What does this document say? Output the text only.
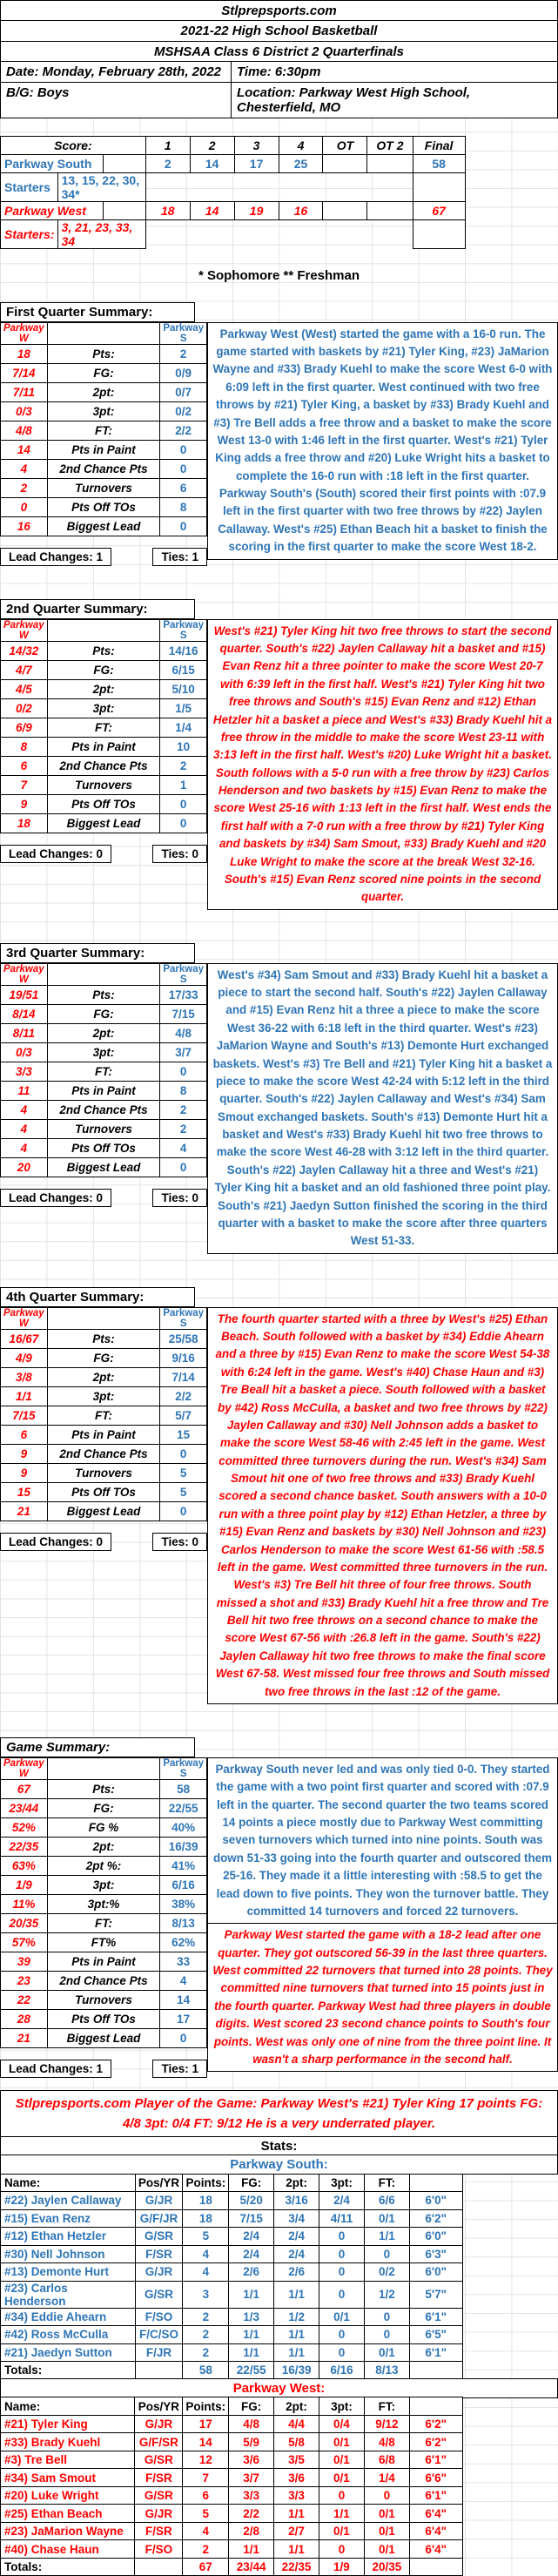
Stlprepsports.com
2021-22 High School Basketball
MSHSAA Class 6 District 2 Quarterfinals
Date: Monday, February 28th, 2022	Time: 6:30pm
B/G: Boys	Location: Parkway West High School, Chesterfield, MO
Score:			1	2	3	4	OT	OT 2	Final	
Parkway South			2	14	17	25			58	
Starters	13, 15, 22, 30, 34*									
Parkway West			18	14	19	16			67	
Starters:	3, 21, 23, 33, 34									
* Sophomore ** Freshman
First Quarter Summary:
Parkway W		Parkway S
18	Pts:	2
7/14	FG:	0/9
7/11	2pt:	0/7
0/3	3pt:	0/2
4/8	FT:	2/2
14	Pts in Paint	0
4	2nd Chance Pts	0
2	Turnovers	6
0	Pts Off TOs	8
16	Biggest Lead	0
Lead Changes: 1	Ties: 1
Parkway West (West) started the game with a 16-0 run. The game started with baskets by #21) Tyler King, #23) JaMarion Wayne and #33) Brady Kuehl to make the score West 6-0 with 6:09 left in the first quarter. West continued with two free throws by #21) Tyler King, a basket by #33) Brady Kuehl and #3) Tre Bell adds a free throw and a basket to make the score West 13-0 with 1:46 left in the first quarter. West's #21) Tyler King adds a free throw and #20) Luke Wright hits a basket to complete the 16-0 run with :18 left in the first quarter. Parkway South's (South) scored their first points with :07.9 left in the first quarter with two free throws by #22) Jaylen Callaway. West's #25) Ethan Beach hit a basket to finish the scoring in the first quarter to make the score West 18-2.
2nd Quarter Summary:
Parkway W		Parkway S
14/32	Pts:	14/16
4/7	FG:	6/15
4/5	2pt:	5/10
0/2	3pt:	1/5
6/9	FT:	1/4
8	Pts in Paint	10
6	2nd Chance Pts	2
7	Turnovers	1
9	Pts Off TOs	0
18	Biggest Lead	0
Lead Changes: 0	Ties: 0
West's #21) Tyler King hit two free throws to start the second quarter. South's #22) Jaylen Callaway hit a basket and #15) Evan Renz hit a three pointer to make the score West 20-7 with 6:39 left in the first half. West's #21) Tyler King hit two free throws and South's #15) Evan Renz and #12) Ethan Hetzler hit a basket a piece and West's #33) Brady Kuehl hit a free throw in the middle to make the score West 23-11 with 3:13 left in the first half. West's #20) Luke Wright hit a basket. South follows with a 5-0 run with a free throw by #23) Carlos Henderson and two baskets by #15) Evan Renz to make the score West 25-16 with 1:13 left in the first half. West ends the first half with a 7-0 run with a free throw by #21) Tyler King and baskets by #34) Sam Smout, #33) Brady Kuehl and #20 Luke Wright to make the score at the break West 32-16. South's #15) Evan Renz scored nine points in the second quarter.
3rd Quarter Summary:
Parkway W		Parkway S
19/51	Pts:	17/33
8/14	FG:	7/15
8/11	2pt:	4/8
0/3	3pt:	3/7
3/3	FT:	0
11	Pts in Paint	8
4	2nd Chance Pts	2
4	Turnovers	2
4	Pts Off TOs	4
20	Biggest Lead	0
Lead Changes: 0	Ties: 0
West's #34) Sam Smout and #33) Brady Kuehl hit a basket a piece to start the second half. South's #22) Jaylen Callaway and #15) Evan Renz hit a three a piece to make the score West 36-22 with 6:18 left in the third quarter. West's #23) JaMarion Wayne and South's #13) Demonte Hurt exchanged baskets. West's #3) Tre Bell and #21) Tyler King hit a basket a piece to make the score West 42-24 with 5:12 left in the third quarter. South's #22) Jaylen Callaway and West's #34) Sam Smout exchanged baskets. South's #13) Demonte Hurt hit a basket and West's #33) Brady Kuehl hit two free throws to make the score West 46-28 with 3:12 left in the third quarter. South's #22) Jaylen Callaway hit a three and West's #21) Tyler King hit a basket and an old fashioned three point play. South's #21) Jaedyn Sutton finished the scoring in the third quarter with a basket to make the score after three quarters West 51-33.
4th Quarter Summary:
Parkway W		Parkway S
16/67	Pts:	25/58
4/9	FG:	9/16
3/8	2pt:	7/14
1/1	3pt:	2/2
7/15	FT:	5/7
6	Pts in Paint	15
9	2nd Chance Pts	0
9	Turnovers	5
15	Pts Off TOs	5
21	Biggest Lead	0
Lead Changes: 0	Ties: 0
The fourth quarter started with a three by West's #25) Ethan Beach. South followed with a basket by #34) Eddie Ahearn and a three by #15) Evan Renz to make the score West 54-38 with 6:24 left in the game. West's #40) Chase Haun and #3) Tre Beall hit a basket a piece. South followed with a basket by #42) Ross McCulla, a basket and two free throws by #22) Jaylen Callaway and #30) Nell Johnson adds a basket to make the score West 58-46 with 2:45 left in the game. West committed three turnovers during the run. West's #34) Sam Smout hit one of two free throws and #33) Brady Kuehl scored a second chance basket. South answers with a 10-0 run with a three point play by #12) Ethan Hetzler, a three by #15) Evan Renz and baskets by #30) Nell Johnson and #23) Carlos Henderson to make the score West 61-56 with :58.5 left in the game. West committed three turnovers in the run. West's #3) Tre Bell hit three of four free throws. South missed a shot and #33) Brady Kuehl hit a free throw and Tre Bell hit two free throws on a second chance to make the score West 67-56 with :26.8 left in the game. South's #22) Jaylen Callaway hit two free throws to make the final score West 67-58. West missed four free throws and South missed two free throws in the last :12 of the game.
Game Summary:
Parkway W		Parkway S
67	Pts:	58
23/44	FG:	22/55
52%	FG %	40%
22/35	2pt:	16/39
63%	2pt %:	41%
1/9	3pt:	6/16
11%	3pt:%	38%
20/35	FT:	8/13
57%	FT%	62%
39	Pts in Paint	33
23	2nd Chance Pts	4
22	Turnovers	14
28	Pts Off TOs	17
21	Biggest Lead	0
Lead Changes: 1	Ties: 1
Parkway South never led and was only tied 0-0. They started the game with a two point first quarter and scored with :07.9 left in the quarter. The second quarter the two teams scored 14 points a piece mostly due to Parkway West committing seven turnovers which turned into nine points. South was down 51-33 going into the fourth quarter and outscored them 25-16. They made it a little interesting with :58.5 to get the lead down to five points. They won the turnover battle. They committed 14 turnovers and forced 22 turnovers.
Parkway West started the game with a 18-2 lead after one quarter. They got outscored 56-39 in the last three quarters. West committed 22 turnovers that turned into 28 points. They committed nine turnovers that turned into 15 points just in the fourth quarter. Parkway West had three players in double digits. West scored 23 second chance points to South's four points. West was only one of nine from the three point line. It wasn't a sharp performance in the second half.
Stlprepsports.com Player of the Game: Parkway West's #21) Tyler King 17 points FG: 4/8 3pt: 0/4 FT: 9/12 He is a very underrated player.
Stats:
Parkway South:
Name:	Pos/YR	Points:	FG:	2pt:	3pt:	FT:		
#22) Jaylen Callaway	G/JR	18	5/20	3/16	2/4	6/6	6'0"	
#15) Evan Renz	G/F/JR	18	7/15	3/4	4/11	0/1	6'2"	
#12) Ethan Hetzler	G/SR	5	2/4	2/4	0	1/1	6'0"	
#30) Nell Johnson	F/SR	4	2/4	2/4	0	0	6'3"	
#13) Demonte Hurt	G/JR	4	2/6	2/6	0	0/2	6'0"	
#23) Carlos Henderson	G/SR	3	1/1	1/1	0	1/2	5'7"	
#34) Eddie Ahearn	F/SO	2	1/3	1/2	0/1	0	6'1"	
#42) Ross McCulla	F/C/SO	2	1/1	1/1	0	0	6'5"	
#21) Jaedyn Sutton	F/JR	2	1/1	1/1	0	0/1	6'1"	
Totals:		58	22/55	16/39	6/16	8/13		
Parkway West:
Name:	Pos/YR	Points:	FG:	2pt:	3pt:	FT:		
#21) Tyler King	G/JR	17	4/8	4/4	0/4	9/12	6'2"	
#33) Brady Kuehl	G/F/SR	14	5/9	5/8	0/1	4/8	6'2"	
#3) Tre Bell	G/SR	12	3/6	3/5	0/1	6/8	6'1"	
#34) Sam Smout	F/SR	7	3/7	3/6	0/1	1/4	6'6"	
#20) Luke Wright	G/SR	6	3/3	3/3	0	0	6'1"	
#25) Ethan Beach	G/JR	5	2/2	1/1	1/1	0/1	6'4"	
#23) JaMarion Wayne	F/SR	4	2/8	2/7	0/1	0/1	6'4"	
#40) Chase Haun	F/SO	2	1/1	1/1	0	0/1	6'4"	
Totals:		67	23/44	22/35	1/9	20/35		
